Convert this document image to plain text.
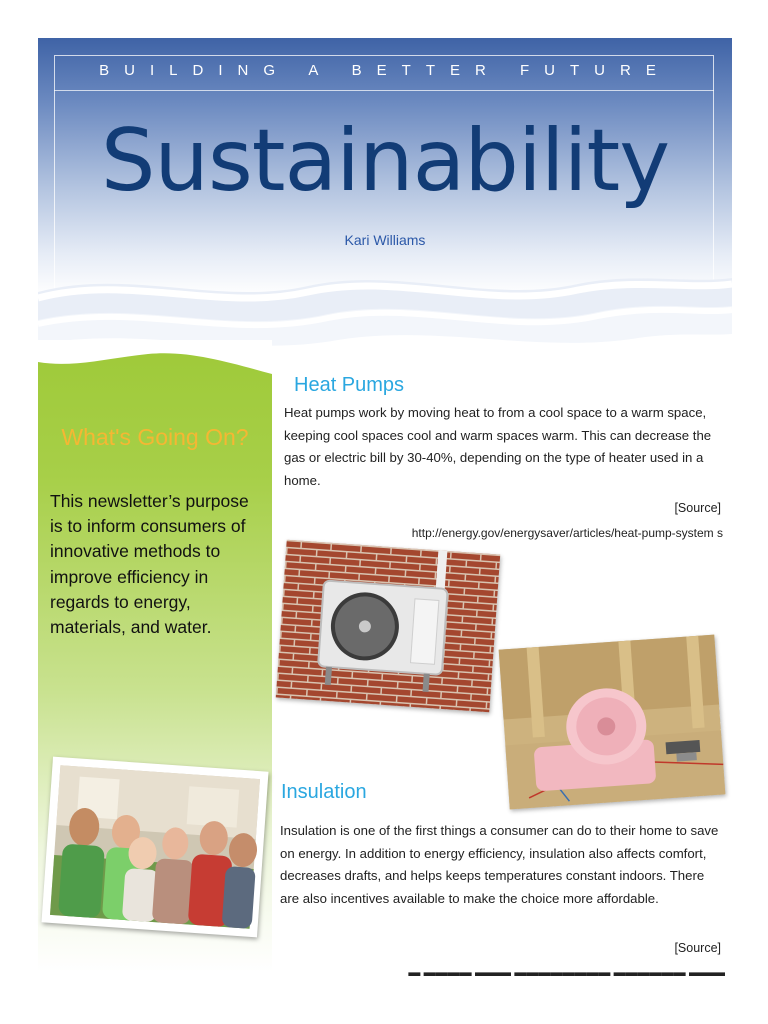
BUILDING A BETTER FUTURE
Sustainability
Kari Williams
What's Going On?
This newsletter’s purpose is to inform consumers of innovative methods to improve efficiency in regards to energy, materials, and water.
Heat Pumps
Heat pumps work by moving heat to from a cool space to a warm space, keeping cool spaces cool and warm spaces warm. This can decrease the gas or electric bill by 30-40%, depending on the type of heater used in a home.
[Source]
http://energy.gov/energysaver/articles/heat-pump-system s
Insulation
Insulation is one of the first things a consumer can do to their home to save on energy. In addition to energy efficiency, insulation also affects comfort, decreases drafts, and helps keeps temperatures constant indoors. There are also incentives available to make the choice more affordable.
[Source]
▬ ▬▬▬▬ ▬▬▬ ▬▬▬▬▬▬▬▬ ▬▬▬▬▬▬ ▬▬▬
